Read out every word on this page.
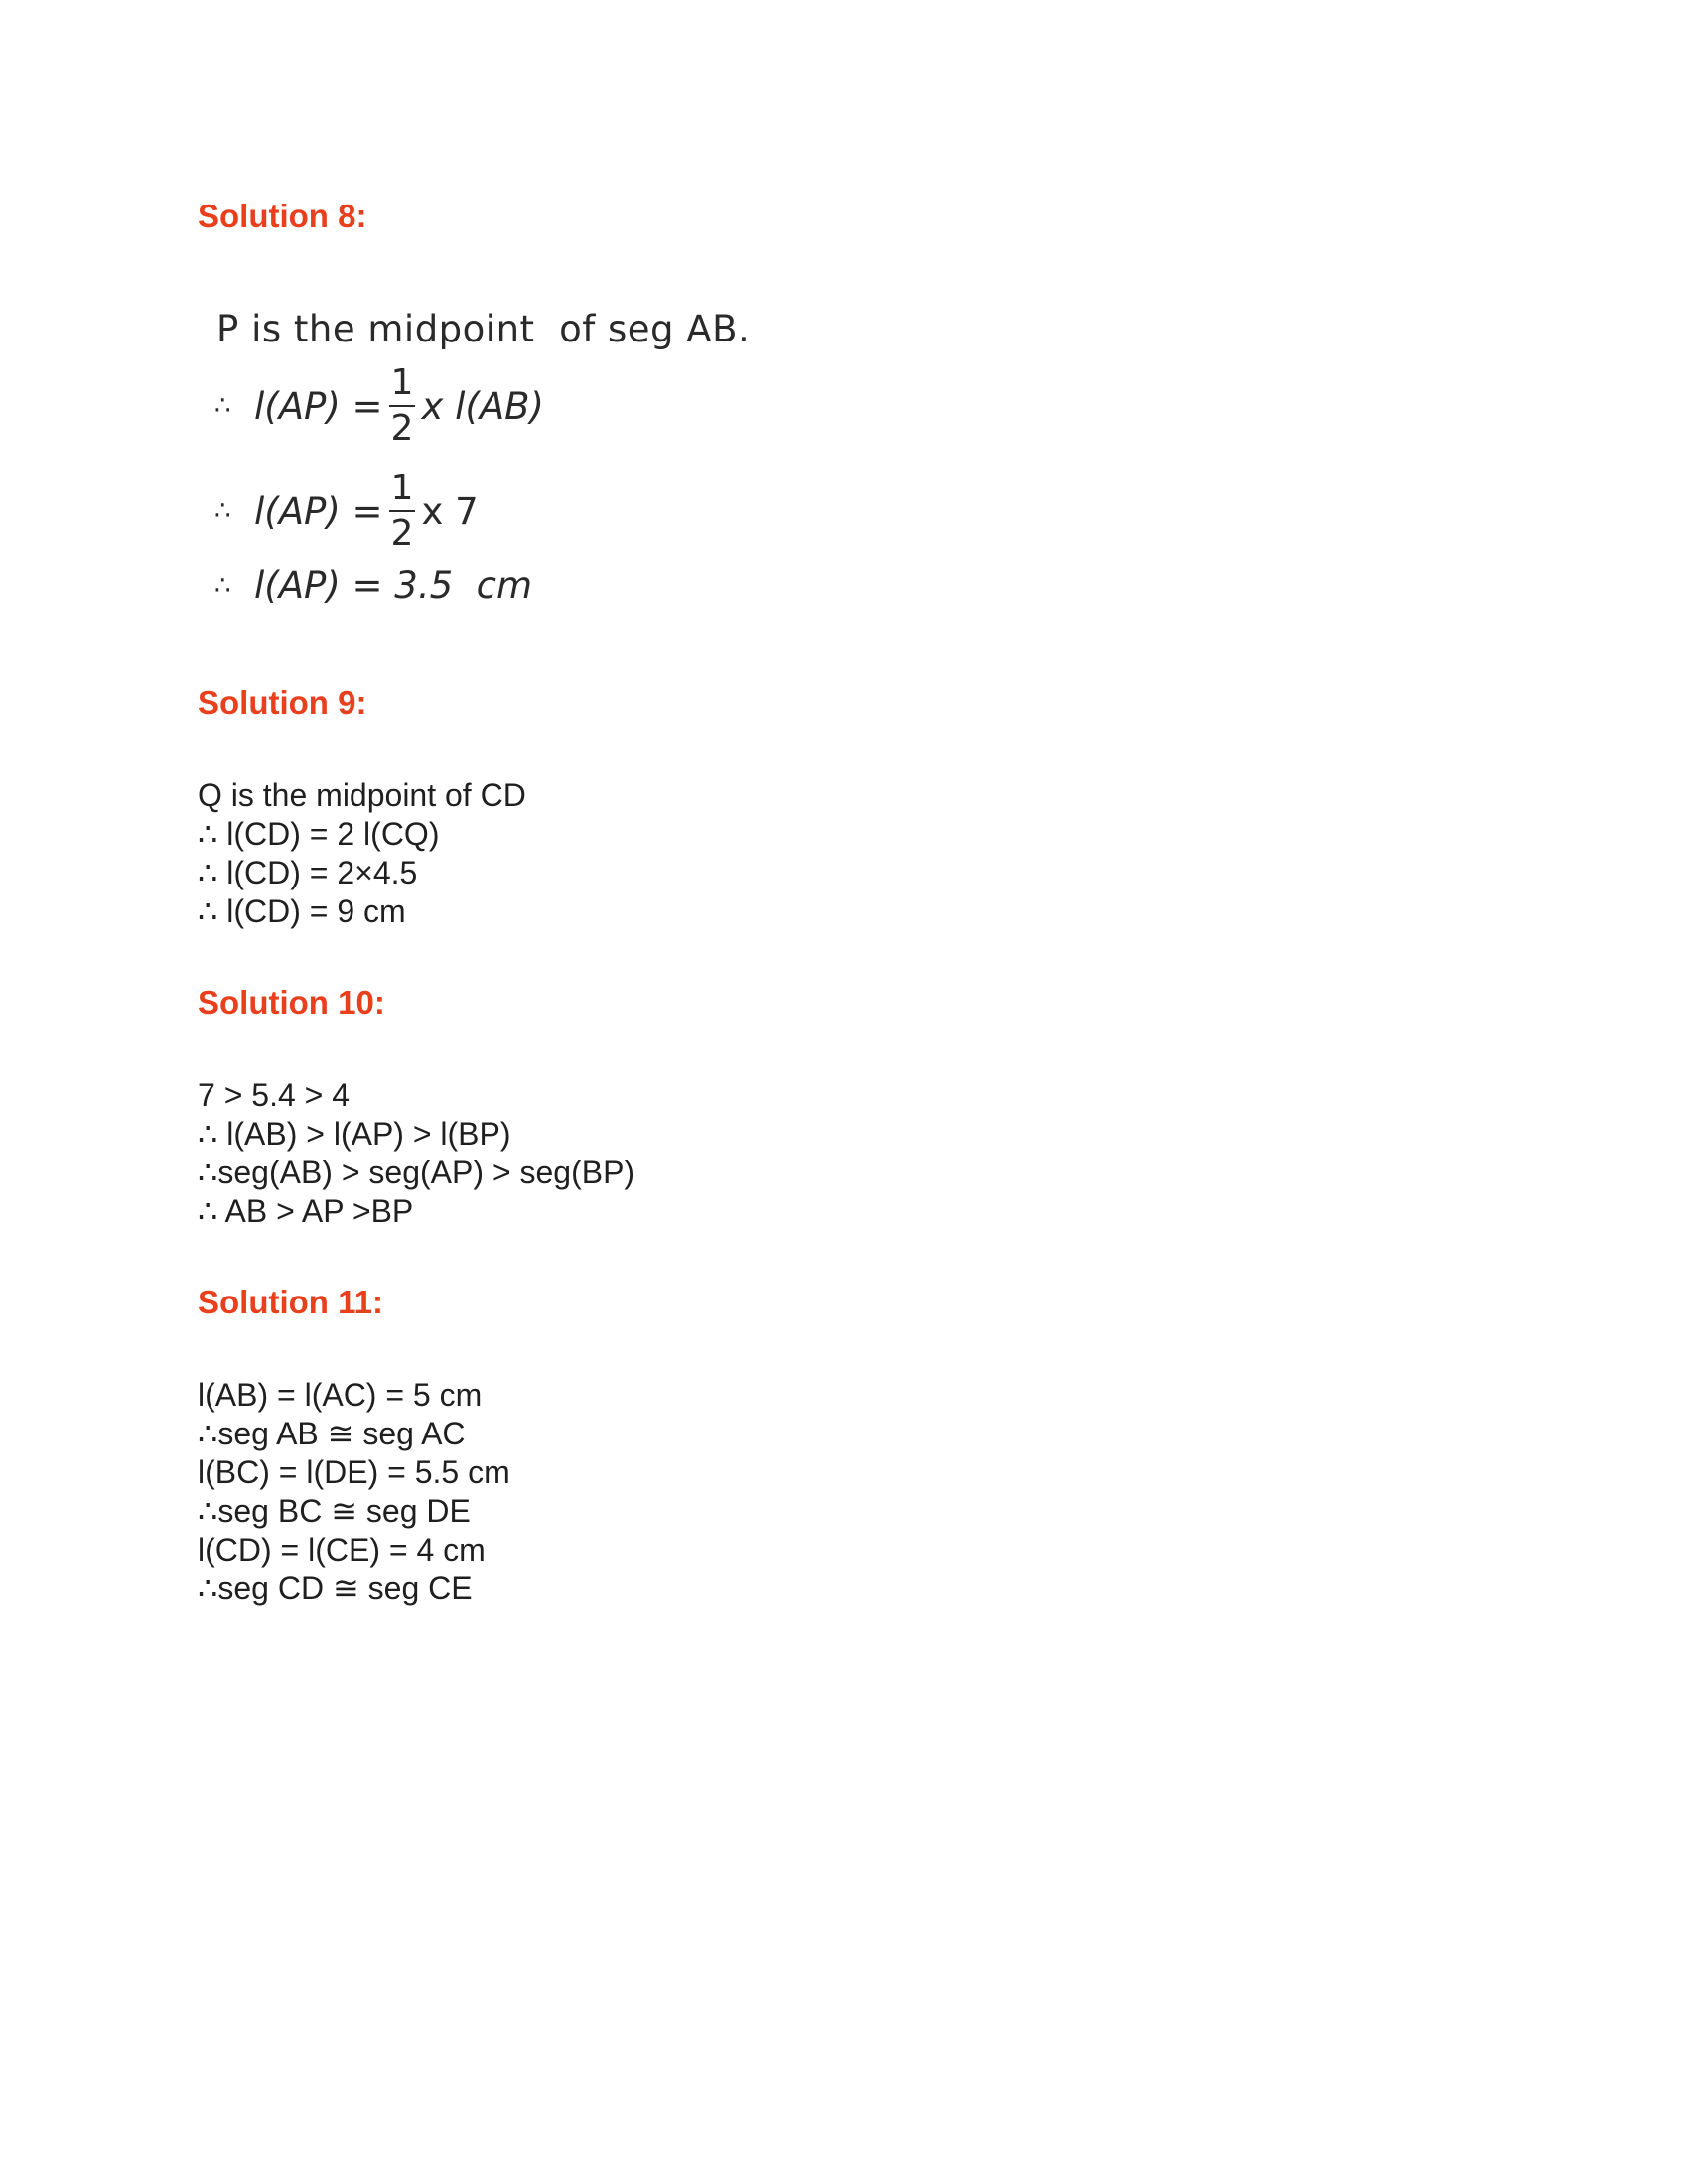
Solution 8:
P is the midpoint  of seg AB.
∴ $l(AP) = \frac{1}{2}$ x l(AB)
∴ $l(AP) = \frac{1}{2}$ x 7
∴ l(AP) = 3.5  cm
Solution 9:
Q is the midpoint of CD
∴ l(CD) = 2 l(CQ)
∴ l(CD) = 2×4.5
∴ l(CD) = 9 cm
Solution 10:
7 > 5.4 > 4
∴ l(AB) > l(AP) > l(BP)
∴seg(AB) > seg(AP) > seg(BP)
∴ AB > AP >BP
Solution 11:
l(AB) = l(AC) = 5 cm
∴seg AB ≅ seg AC
l(BC) = l(DE) = 5.5 cm
∴seg BC ≅ seg DE
l(CD) = l(CE) = 4 cm
∴seg CD ≅ seg CE
